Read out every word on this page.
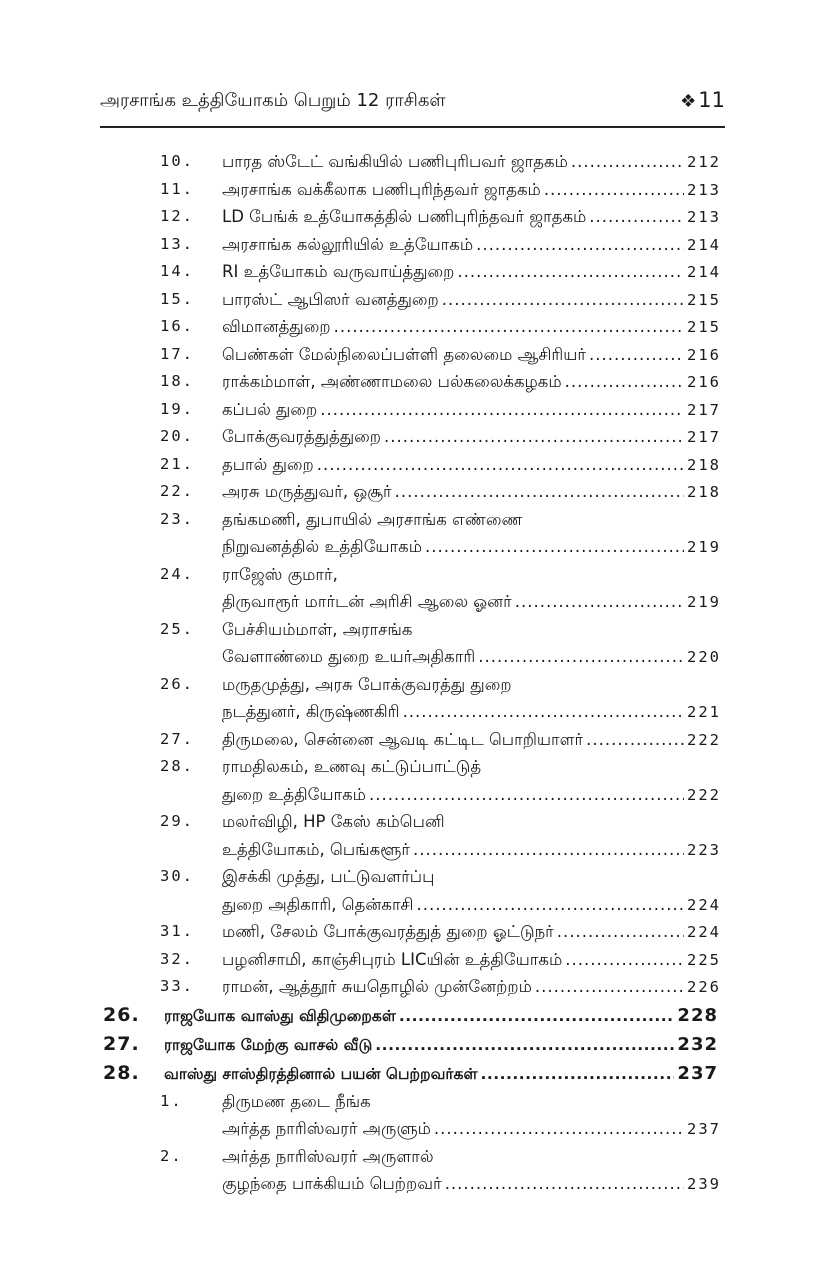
அரசாங்க உத்தியோகம் பெறும் 12 ராசிகள்	❖11
10. பாரத ஸ்டேட் வங்கியில் பணிபுரிபவர் ஜாதகம் .....	212
11. அரசாங்க வக்கீலாக பணிபுரிந்தவர் ஜாதகம் .....	213
12. LD பேங்க் உத்யோகத்தில் பணிபுரிந்தவர் ஜாதகம் .....	213
13. அரசாங்க கல்லூரியில் உத்யோகம் .....	214
14. RI உத்யோகம் வருவாய்த்துறை .....	214
15. பாரஸ்ட் ஆபிஸர் வனத்துறை .....	215
16. விமானத்துறை .....	215
17. பெண்கள் மேல்நிலைப்பள்ளி தலைமை ஆசிரியர் .....	216
18. ராக்கம்மாள், அண்ணாமலை பல்கலைக்கழகம் .....	216
19. கப்பல் துறை .....	217
20. போக்குவரத்துத்துறை .....	217
21. தபால் துறை .....	218
22. அரசு மருத்துவர், ஒசூர் .....	218
23. தங்கமணி, துபாயில் அரசாங்க எண்ணை
நிறுவனத்தில் உத்தியோகம் .....	219
24. ராஜேஸ் குமார்,
திருவாரூர் மார்டன் அரிசி ஆலை ஓனர் .....	219
25. பேச்சியம்மாள், அராசங்க
வேளாண்மை துறை உயர்அதிகாரி .....	220
26. மருதமுத்து, அரசு போக்குவரத்து துறை
நடத்துனர், கிருஷ்ணகிரி .....	221
27. திருமலை, சென்னை ஆவடி கட்டிட பொறியாளர் .....	222
28. ராமதிலகம், உணவு கட்டுப்பாட்டுத்
துறை உத்தியோகம் .....	222
29. மலர்விழி, HP கேஸ் கம்பெனி
உத்தியோகம், பெங்களூர் .....	223
30. இசக்கி முத்து, பட்டுவளர்ப்பு
துறை அதிகாரி, தென்காசி .....	224
31. மணி, சேலம் போக்குவரத்துத் துறை ஓட்டுநர் .....	224
32. பழனிசாமி, காஞ்சிபுரம் LICயின் உத்தியோகம் .....	225
33. ராமன், ஆத்தூர் சுயதொழில் முன்னேற்றம் .....	226
26. ராஜயோக வாஸ்து விதிமுறைகள் .....	228
27. ராஜயோக மேற்கு வாசல் வீடு .....	232
28. வாஸ்து சாஸ்திரத்தினால் பயன் பெற்றவர்கள் .....	237
1. திருமண தடை நீங்க
அர்த்த நாரிஸ்வரர் அருளும் .....	237
2. அர்த்த நாரிஸ்வரர் அருளால்
குழந்தை பாக்கியம் பெற்றவர் .....	239
